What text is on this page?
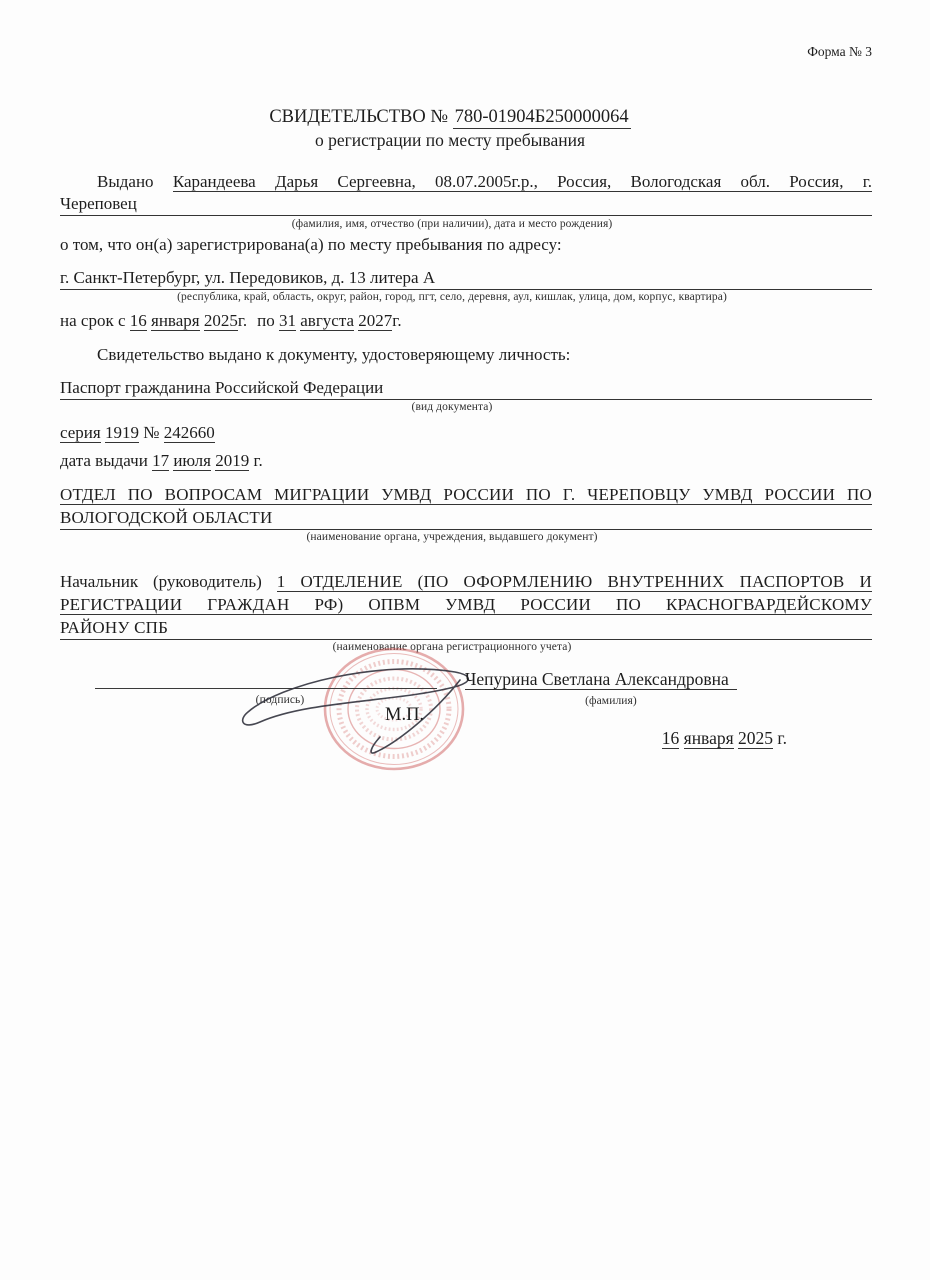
Форма № 3
СВИДЕТЕЛЬСТВО № 780-01904Б250000064
о регистрации по месту пребывания
Выдано Карандеева Дарья Сергеевна, 08.07.2005г.р., Россия, Вологодская обл. Россия, г.
Череповец
(фамилия, имя, отчество (при наличии), дата и место рождения)
о том, что он(а) зарегистрирована(а) по месту пребывания по адресу:
г. Санкт-Петербург, ул. Передовиков, д. 13 литера А
(республика, край, область, округ, район, город, пгт, село, деревня, аул, кишлак, улица, дом, корпус, квартира)
на срок с 16 января 2025г. по 31 августа 2027г.
Свидетельство выдано к документу, удостоверяющему личность:
Паспорт гражданина Российской Федерации
(вид документа)
серия 1919 № 242660
дата выдачи 17 июля 2019 г.
ОТДЕЛ ПО ВОПРОСАМ МИГРАЦИИ УМВД РОССИИ ПО Г. ЧЕРЕПОВЦУ УМВД РОССИИ ПО
ВОЛОГОДСКОЙ ОБЛАСТИ
(наименование органа, учреждения, выдавшего документ)
Начальник (руководитель) 1 ОТДЕЛЕНИЕ (ПО ОФОРМЛЕНИЮ ВНУТРЕННИХ ПАСПОРТОВ И
РЕГИСТРАЦИИ ГРАЖДАН РФ) ОПВМ УМВД РОССИИ ПО КРАСНОГВАРДЕЙСКОМУ
РАЙОНУ СПБ
(наименование органа регистрационного учета)
(подпись)
М.П.
Чепурина Светлана Александровна
(фамилия)
16 января 2025 г.
